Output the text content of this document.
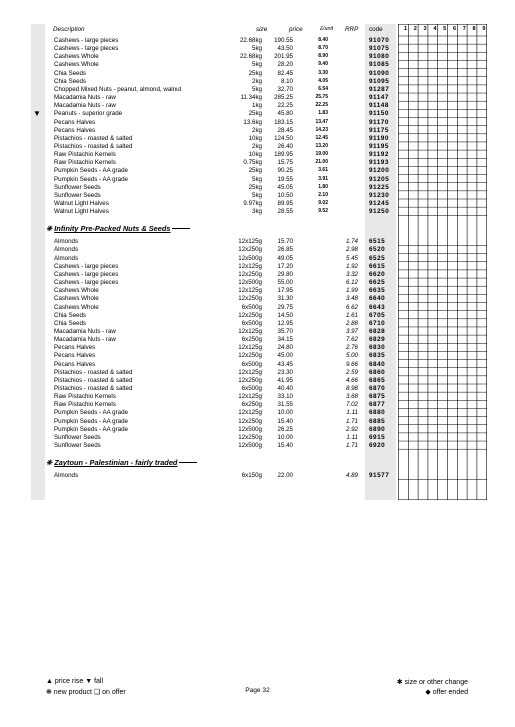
Description	size	price	£/unit RRP code	1	2	3	4	5	6	7	8	9
Cashews - large pieces	22.68kg 190.55	8.40	91070
Cashews - large pieces	5kg	43.50	8.70	91075
Cashews Whole	22.68kg 201.95	8.90	91080
Cashews Whole	5kg	28.20	9.40	91085
Chia Seeds	25kg	82.45	3.30	91090
Chia Seeds	2kg	8.10	4.05	91095
Chopped Mixed Nuts - peanut, almond, walnut	5kg	32.70	6.54	91287
Macadamia Nuts - raw	11.34kg 285.25	25.75	91147
Macadamia Nuts - raw	1kg	22.25	22.25	91148
▼ Peanuts - superior grade	25kg	45.80	1.83	91150
Pecans Halves	13.6kg 183.15	13.47	91170
Pecans Halves	2kg	28.45	14.23	91175
Pistachios - roasted & salted	10kg 124.50	12.45	91190
Pistachios - roasted & salted	2kg	26.40	13.20	91195
Raw Pistachio Kernels	10kg 189.95	19.00	91192
Raw Pistachio Kernels	0.75kg	15.75	21.00	91193
Pumpkin Seeds - AA grade	25kg	90.25	3.61	91200
Pumpkin Seeds - AA grade	5kg	19.55	3.91	91205
Sunflower Seeds	25kg	45.05	1.80	91225
Sunflower Seeds	5kg	10.50	2.10	91230
Walnut Light Halves	9.97kg	89.95	9.02	91245
Walnut Light Halves	3kg	28.55	9.52	91250
❈ Infinity Pre-Packed Nuts & Seeds
Almonds	12x125g	15.70	1.74 6515
Almonds	12x250g	26.85	2.98 6520
Almonds	12x500g	49.05	5.45 6525
Cashews - large pieces	12x125g	17.20	1.92 6615
Cashews - large pieces	12x250g	29.80	3.32 6620
Cashews - large pieces	12x500g	55.00	6.12 6625
Cashews Whole	12x125g	17.95	1.99 6635
Cashews Whole	12x250g	31.30	3.48 6640
Cashews Whole	6x500g	29.75	6.62 6643
Chia Seeds	12x250g	14.50	1.61 6705
Chia Seeds	6x500g	12.95	2.88 6710
Macadamia Nuts - raw	12x125g	35.70	3.97 6828
Macadamia Nuts - raw	6x250g	34.15	7.62 6829
Pecans Halves	12x125g	24.80	2.76 6830
Pecans Halves	12x250g	45.00	5.00 6835
Pecans Halves	6x500g	43.45	9.66 6840
Pistachios - roasted & salted	12x125g	23.30	2.59 6860
Pistachios - roasted & salted	12x250g	41.95	4.66 6865
Pistachios - roasted & salted	6x500g	40.40	8.98 6870
Raw Pistachio Kernels	12x125g	33.10	3.68 6875
Raw Pistachio Kernels	6x250g	31.55	7.02 6877
Pumpkin Seeds - AA grade	12x125g	10.00	1.11 6880
Pumpkin Seeds - AA grade	12x250g	15.40	1.71 6885
Pumpkin Seeds - AA grade	12x500g	26.25	2.92 6890
Sunflower Seeds	12x250g	10.00	1.11 6915
Sunflower Seeds	12x500g	15.40	1.71 6920
❈ Zaytoun - Palestinian - fairly traded
Almonds	6x150g	22.00	4.89 91577
▲ price rise ▼ fall
❋ new product ❏ on offer
✱ size or other change
◆ offer ended
Page 32
